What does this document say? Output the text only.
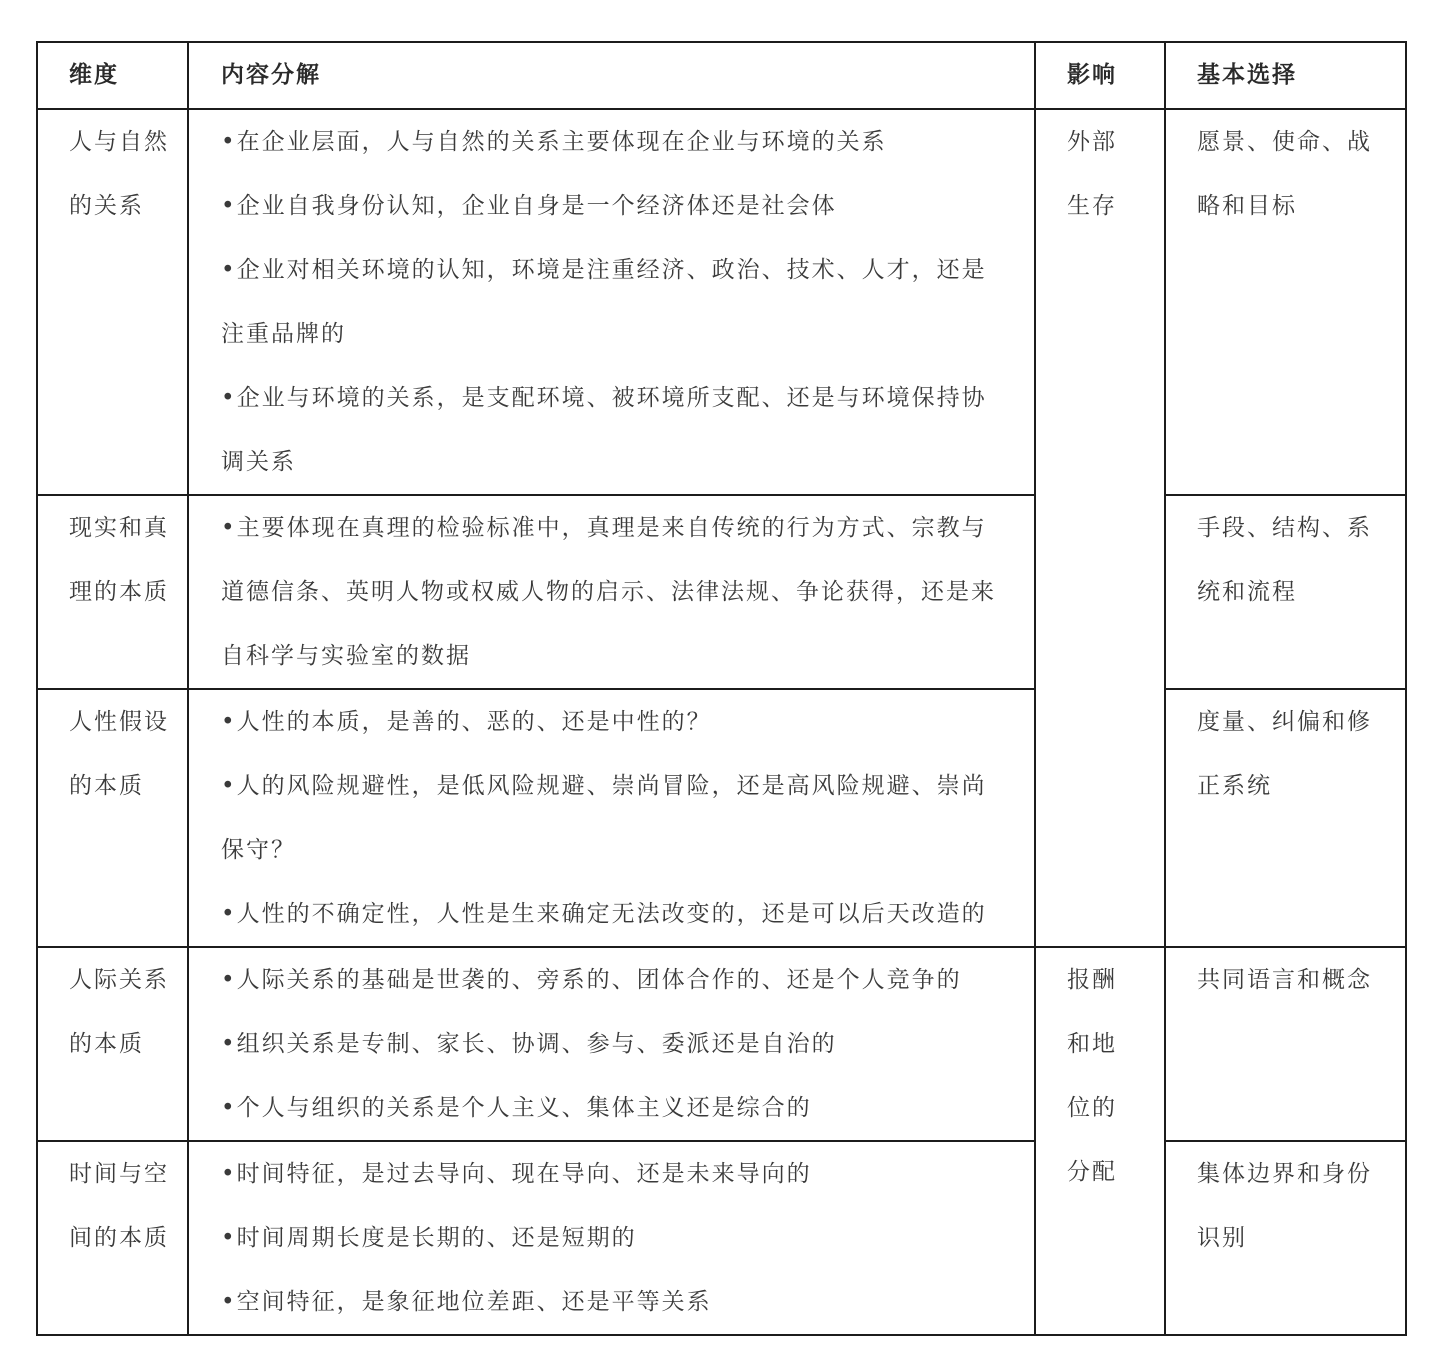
维度	内容分解	影响	基本选择

人与自然的关系	•在企业层面，人与自然的关系主要体现在企业与环境的关系
•企业自我身份认知，企业自身是一个经济体还是社会体
•企业对相关环境的认知，环境是注重经济、政治、技术、人才，还是注重品牌的
•企业与环境的关系，是支配环境、被环境所支配、还是与环境保持协调关系	外部生存	愿景、使命、战略和目标

现实和真理的本质	•主要体现在真理的检验标准中，真理是来自传统的行为方式、宗教与道德信条、英明人物或权威人物的启示、法律法规、争论获得，还是来自科学与实验室的数据		手段、结构、系统和流程

人性假设的本质	•人性的本质，是善的、恶的、还是中性的？
•人的风险规避性，是低风险规避、崇尚冒险，还是高风险规避、崇尚保守？
•人性的不确定性，人性是生来确定无法改变的，还是可以后天改造的		度量、纠偏和修正系统

人际关系的本质	•人际关系的基础是世袭的、旁系的、团体合作的、还是个人竞争的
•组织关系是专制、家长、协调、参与、委派还是自治的
•个人与组织的关系是个人主义、集体主义还是综合的	报酬和地位的分配	共同语言和概念

时间与空间的本质	•时间特征，是过去导向、现在导向、还是未来导向的
•时间周期长度是长期的、还是短期的
•空间特征，是象征地位差距、还是平等关系		集体边界和身份识别
